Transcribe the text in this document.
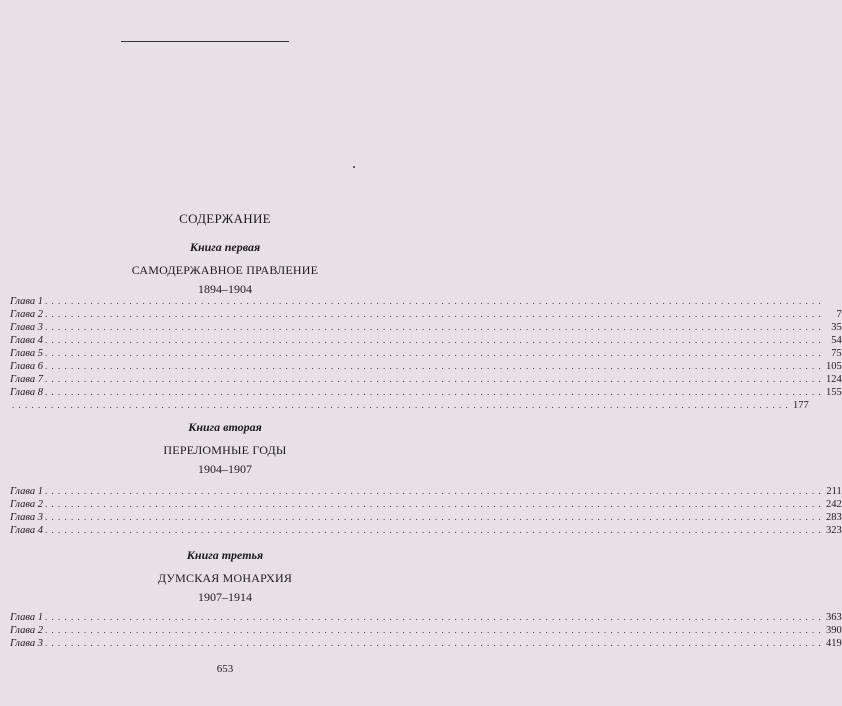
СОДЕРЖАНИЕ
Книга первая
САМОДЕРЖАВНОЕ ПРАВЛЕНИЕ
1894–1904
Глава 1 . . . . . . . . . . . . . . . . . . . . . . . . . . . . . . . . . . . . . . . . . . . . . . . . . . . . . . . . . . . . . . . . . . . . . . . . . . . . . . . . . . . . . . . . . . . . . . . . . . . . . . . . . . . . . . . . . . . . . . . .
Глава 2 . . . . . . . . . . . . . . . . . . . . . . . . . . . . . . . . . . . . . . . . . . . . . . . . . . . . . . . . . . . . . . . . . . . . . . . . . . . . . . . . . . . . . . . . . . . . . . . . . . . . . . . . . . . . . . . . . . . . . . . .	7
Глава 3 . . . . . . . . . . . . . . . . . . . . . . . . . . . . . . . . . . . . . . . . . . . . . . . . . . . . . . . . . . . . . . . . . . . . . . . . . . . . . . . . . . . . . . . . . . . . . . . . . . . . . . . . . . . . . . . . . . . . . . . . 35
Глава 4 . . . . . . . . . . . . . . . . . . . . . . . . . . . . . . . . . . . . . . . . . . . . . . . . . . . . . . . . . . . . . . . . . . . . . . . . . . . . . . . . . . . . . . . . . . . . . . . . . . . . . . . . . . . . . . . . . . . . . . . . 54
Глава 5 . . . . . . . . . . . . . . . . . . . . . . . . . . . . . . . . . . . . . . . . . . . . . . . . . . . . . . . . . . . . . . . . . . . . . . . . . . . . . . . . . . . . . . . . . . . . . . . . . . . . . . . . . . . . . . . . . . . . . . . . 75
Глава 6 . . . . . . . . . . . . . . . . . . . . . . . . . . . . . . . . . . . . . . . . . . . . . . . . . . . . . . . . . . . . . . . . . . . . . . . . . . . . . . . . . . . . . . . . . . . . . . . . . . . . . . . . . . . . . . . . . . . . . . . . 105
Глава 7 . . . . . . . . . . . . . . . . . . . . . . . . . . . . . . . . . . . . . . . . . . . . . . . . . . . . . . . . . . . . . . . . . . . . . . . . . . . . . . . . . . . . . . . . . . . . . . . . . . . . . . . . . . . . . . . . . . . . . . . . 124
Глава 8 . . . . . . . . . . . . . . . . . . . . . . . . . . . . . . . . . . . . . . . . . . . . . . . . . . . . . . . . . . . . . . . . . . . . . . . . . . . . . . . . . . . . . . . . . . . . . . . . . . . . . . . . . . . . . . . . . . . . . . . . 155
. . . . . . . . . . . . . . . . . . . . . . . . . . . . . . . . . . . . . . . . . . . . . . . . . . . . . . . . . . . . . . . . . . . . . . . . . . . . . . . . . . . . . . . . . . . . . . . . . . . . . . . . . . . . . . . . . . . . . . . . 177
Книга вторая
ПЕРЕЛОМНЫЕ ГОДЫ
1904–1907
Глава 1 . . . . . . . . . . . . . . . . . . . . . . . . . . . . . . . . . . . . . . . . . . . . . . . . . . . . . . . . . . . . . . . . . . . . . . . . . . . . . . . . . . . . . . . . . . . . . . . . . . . . . . . . . . . . . . . . . . . . . . . . 211
Глава 2 . . . . . . . . . . . . . . . . . . . . . . . . . . . . . . . . . . . . . . . . . . . . . . . . . . . . . . . . . . . . . . . . . . . . . . . . . . . . . . . . . . . . . . . . . . . . . . . . . . . . . . . . . . . . . . . . . . . . . . . . 242
Глава 3 . . . . . . . . . . . . . . . . . . . . . . . . . . . . . . . . . . . . . . . . . . . . . . . . . . . . . . . . . . . . . . . . . . . . . . . . . . . . . . . . . . . . . . . . . . . . . . . . . . . . . . . . . . . . . . . . . . . . . . . . 283
Глава 4 . . . . . . . . . . . . . . . . . . . . . . . . . . . . . . . . . . . . . . . . . . . . . . . . . . . . . . . . . . . . . . . . . . . . . . . . . . . . . . . . . . . . . . . . . . . . . . . . . . . . . . . . . . . . . . . . . . . . . . . . 323
Книга третья
ДУМСКАЯ МОНАРХИЯ
1907–1914
Глава 1 . . . . . . . . . . . . . . . . . . . . . . . . . . . . . . . . . . . . . . . . . . . . . . . . . . . . . . . . . . . . . . . . . . . . . . . . . . . . . . . . . . . . . . . . . . . . . . . . . . . . . . . . . . . . . . . . . . . . . . . . 363
Глава 2 . . . . . . . . . . . . . . . . . . . . . . . . . . . . . . . . . . . . . . . . . . . . . . . . . . . . . . . . . . . . . . . . . . . . . . . . . . . . . . . . . . . . . . . . . . . . . . . . . . . . . . . . . . . . . . . . . . . . . . . . 390
Глава 3 . . . . . . . . . . . . . . . . . . . . . . . . . . . . . . . . . . . . . . . . . . . . . . . . . . . . . . . . . . . . . . . . . . . . . . . . . . . . . . . . . . . . . . . . . . . . . . . . . . . . . . . . . . . . . . . . . . . . . . . . 419
653
